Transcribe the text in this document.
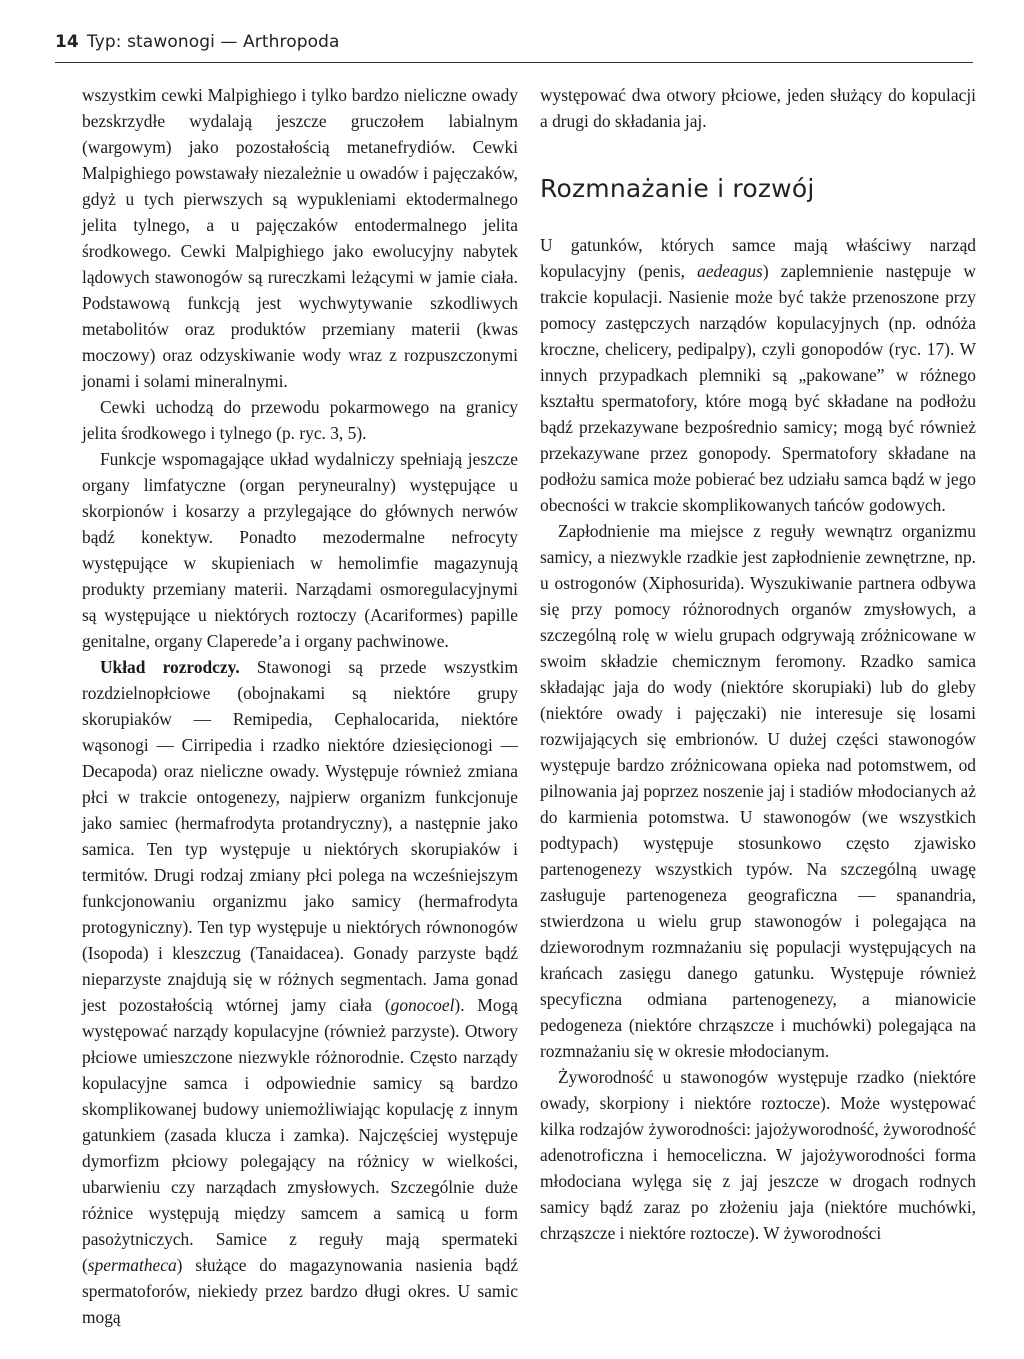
14 Typ: stawonogi — Arthropoda

wszystkim cewki Malpighiego i tylko bardzo nieliczne owady bezskrzydłe wydalają jeszcze gruczołem labialnym (wargowym) jako pozostałością metanefrydiów. Cewki Malpighiego powstawały niezależnie u owadów i pajęczaków, gdyż u tych pierwszych są wypukleniami ektodermalnego jelita tylnego, a u pajęczaków entodermalnego jelita środkowego. Cewki Malpighiego jako ewolucyjny nabytek lądowych stawonogów są rureczkami leżącymi w jamie ciała. Podstawową funkcją jest wychwytywanie szkodliwych metabolitów oraz produktów przemiany materii (kwas moczowy) oraz odzyskiwanie wody wraz z rozpuszczonymi jonami i solami mineralnymi.

Cewki uchodzą do przewodu pokarmowego na granicy jelita środkowego i tylnego (p. ryc. 3, 5).

Funkcje wspomagające układ wydalniczy spełniają jeszcze organy limfatyczne (organ peryneuralny) występujące u skorpionów i kosarzy a przylegające do głównych nerwów bądź konektyw. Ponadto mezodermalne nefrocyty występujące w skupieniach w hemolimfie magazynują produkty przemiany materii. Narządami osmoregulacyjnymi są występujące u niektórych roztoczy (Acariformes) papille genitalne, organy Claperede’a i organy pachwinowe.

Układ rozrodczy. Stawonogi są przede wszystkim rozdzielnopłciowe (obojnakami są niektóre grupy skorupiaków — Remipedia, Cephalocarida, niektóre wąsonogi — Cirripedia i rzadko niektóre dziesięcionogi — Decapoda) oraz nieliczne owady. Występuje również zmiana płci w trakcie ontogenezy, najpierw organizm funkcjonuje jako samiec (hermafrodyta protandryczny), a następnie jako samica. Ten typ występuje u niektórych skorupiaków i termitów. Drugi rodzaj zmiany płci polega na wcześniejszym funkcjonowaniu organizmu jako samicy (hermafrodyta protogyniczny). Ten typ występuje u niektórych równonogów (Isopoda) i kleszczug (Tanaidacea). Gonady parzyste bądź nieparzyste znajdują się w różnych segmentach. Jama gonad jest pozostałością wtórnej jamy ciała (gonocoel). Mogą występować narządy kopulacyjne (również parzyste). Otwory płciowe umieszczone niezwykle różnorodnie. Często narządy kopulacyjne samca i odpowiednie samicy są bardzo skomplikowanej budowy uniemożliwiając kopulację z innym gatunkiem (zasada klucza i zamka). Najczęściej występuje dymorfizm płciowy polegający na różnicy w wielkości, ubarwieniu czy narządach zmysłowych. Szczególnie duże różnice występują między samcem a samicą u form pasożytniczych. Samice z reguły mają spermateki (spermatheca) służące do magazynowania nasienia bądź spermatoforów, niekiedy przez bardzo długi okres. U samic mogą

występować dwa otwory płciowe, jeden służący do kopulacji a drugi do składania jaj.

Rozmnażanie i rozwój

U gatunków, których samce mają właściwy narząd kopulacyjny (penis, aedeagus) zaplemnienie następuje w trakcie kopulacji. Nasienie może być także przenoszone przy pomocy zastępczych narządów kopulacyjnych (np. odnóża kroczne, chelicery, pedipalpy), czyli gonopodów (ryc. 17). W innych przypadkach plemniki są „pakowane” w różnego kształtu spermatofory, które mogą być składane na podłożu bądź przekazywane bezpośrednio samicy; mogą być również przekazywane przez gonopody. Spermatofory składane na podłożu samica może pobierać bez udziału samca bądź w jego obecności w trakcie skomplikowanych tańców godowych.

Zapłodnienie ma miejsce z reguły wewnątrz organizmu samicy, a niezwykle rzadkie jest zapłodnienie zewnętrzne, np. u ostrogonów (Xiphosurida). Wyszukiwanie partnera odbywa się przy pomocy różnorodnych organów zmysłowych, a szczególną rolę w wielu grupach odgrywają zróżnicowane w swoim składzie chemicznym feromony. Rzadko samica składając jaja do wody (niektóre skorupiaki) lub do gleby (niektóre owady i pajęczaki) nie interesuje się losami rozwijających się embrionów. U dużej części stawonogów występuje bardzo zróżnicowana opieka nad potomstwem, od pilnowania jaj poprzez noszenie jaj i stadiów młodocianych aż do karmienia potomstwa. U stawonogów (we wszystkich podtypach) występuje stosunkowo często zjawisko partenogenezy wszystkich typów. Na szczególną uwagę zasługuje partenogeneza geograficzna — spanandria, stwierdzona u wielu grup stawonogów i polegająca na dzieworodnym rozmnażaniu się populacji występujących na krańcach zasięgu danego gatunku. Występuje również specyficzna odmiana partenogenezy, a mianowicie pedogeneza (niektóre chrząszcze i muchówki) polegająca na rozmnażaniu się w okresie młodocianym.

Żyworodność u stawonogów występuje rzadko (niektóre owady, skorpiony i niektóre roztocze). Może występować kilka rodzajów żyworodności: jajożyworodność, żyworodność adenotroficzna i hemoceliczna. W jajożyworodności forma młodociana wylęga się z jaj jeszcze w drogach rodnych samicy bądź zaraz po złożeniu jaja (niektóre muchówki, chrząszcze i niektóre roztocze). W żyworodności
